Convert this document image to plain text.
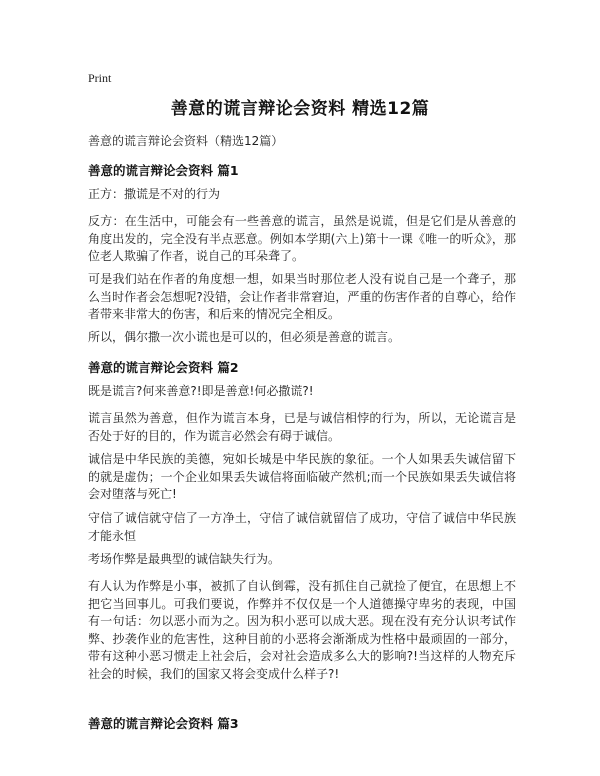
Print
善意的谎言辩论会资料 精选12篇
善意的谎言辩论会资料（精选12篇）
善意的谎言辩论会资料 篇1
正方：撒谎是不对的行为
反方：在生活中，可能会有一些善意的谎言，虽然是说谎，但是它们是从善意的角度出发的，完全没有半点恶意。例如本学期(六上)第十一课《唯一的听众》，那位老人欺骗了作者，说自己的耳朵聋了。
可是我们站在作者的角度想一想，如果当时那位老人没有说自己是一个聋子，那么当时作者会怎想呢?没错，会让作者非常窘迫，严重的伤害作者的自尊心，给作者带来非常大的伤害，和后来的情况完全相反。
所以，偶尔撒一次小谎也是可以的，但必须是善意的谎言。
善意的谎言辩论会资料 篇2
既是谎言?何来善意?!即是善意!何必撒谎?!
谎言虽然为善意，但作为谎言本身，已是与诚信相悖的行为，所以，无论谎言是否处于好的目的，作为谎言必然会有碍于诚信。
诚信是中华民族的美德，宛如长城是中华民族的象征。一个人如果丢失诚信留下的就是虚伪；一个企业如果丢失诚信将面临破产然机;而一个民族如果丢失诚信将会对堕落与死亡!
守信了诚信就守信了一方净土，守信了诚信就留信了成功，守信了诚信中华民族才能永恒
考场作弊是最典型的诚信缺失行为。
有人认为作弊是小事，被抓了自认倒霉，没有抓住自己就捡了便宜，在思想上不把它当回事儿。可我们要说，作弊并不仅仅是一个人道德操守卑劣的表现，中国有一句话：勿以恶小而为之。因为积小恶可以成大恶。现在没有充分认识考试作弊、抄袭作业的危害性，这种目前的小恶将会渐渐成为性格中最顽固的一部分，带有这种小恶习惯走上社会后，会对社会造成多么大的影响?!当这样的人物充斥社会的时候，我们的国家又将会变成什么样子?!
善意的谎言辩论会资料 篇3
